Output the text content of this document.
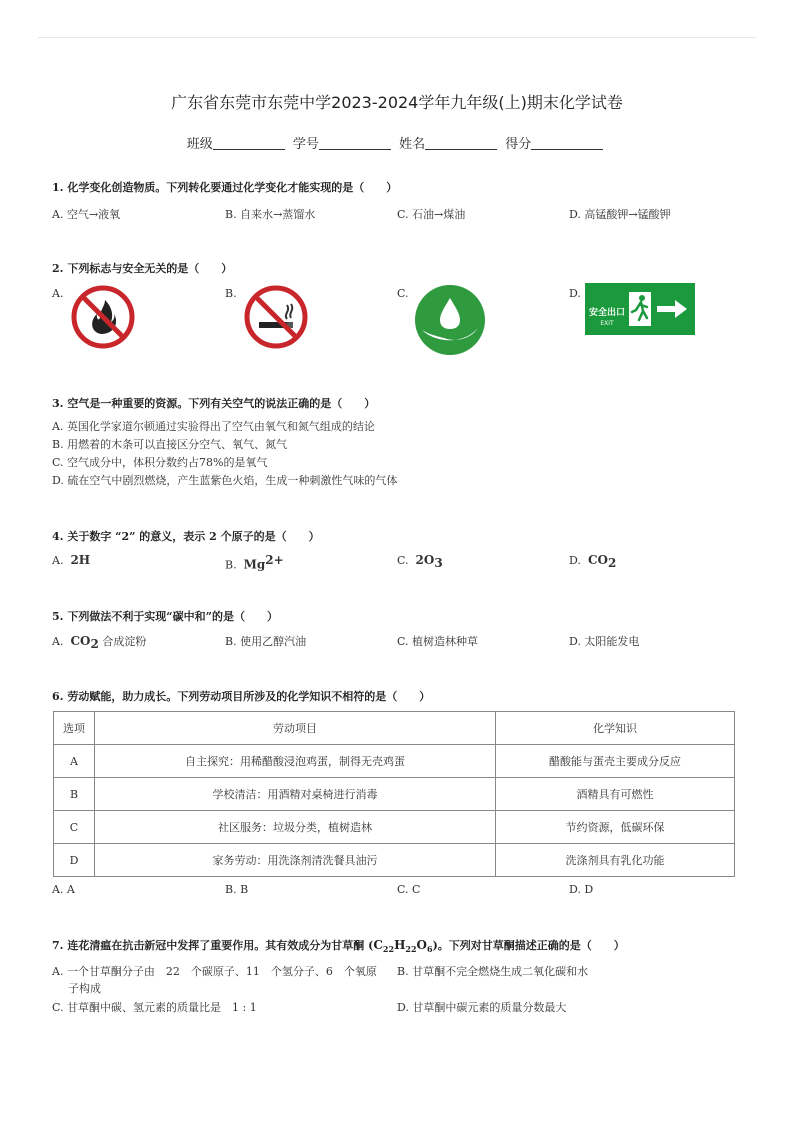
广东省东莞市东莞中学2023-2024学年九年级(上)期末化学试卷
班级	学号	姓名	得分
1. 化学变化创造物质。下列转化要通过化学变化才能实现的是（　　）
A. 空气→液氧	B. 自来水→蒸馏水	C. 石油→煤油	D. 高锰酸钾→锰酸钾
2. 下列标志与安全无关的是（　　）
A.	B.	C.	D.
安全出口
EXIT
3. 空气是一种重要的资源。下列有关空气的说法正确的是（　　）
A. 英国化学家道尔顿通过实验得出了空气由氧气和氮气组成的结论
B. 用燃着的木条可以直接区分空气、氧气、氮气
C. 空气成分中，体积分数约占78%的是氧气
D. 硫在空气中剧烈燃烧，产生蓝紫色火焰，生成一种刺激性气味的气体
4. 关于数字 “2” 的意义，表示 2 个原子的是（　　）
A. 2H	B. $Mg^{2+}$	C. $2O_3$	D. $CO_2$
5. 下列做法不利于实现“碳中和”的是（　　）
A. $CO_2$ 合成淀粉	B. 使用乙醇汽油	C. 植树造林种草	D. 太阳能发电
6. 劳动赋能，助力成长。下列劳动项目所涉及的化学知识不相符的是（　　）
选项	劳动项目	化学知识
A	自主探究：用稀醋酸浸泡鸡蛋，制得无壳鸡蛋	醋酸能与蛋壳主要成分反应
B	学校清洁：用酒精对桌椅进行消毒	酒精具有可燃性
C	社区服务：垃圾分类，植树造林	节约资源，低碳环保
D	家务劳动：用洗涤剂清洗餐具油污	洗涤剂具有乳化功能
A. A	B. B	C. C	D. D
7. 连花清瘟在抗击新冠中发挥了重要作用。其有效成分为甘草酮 $(C_{22}H_{22}O_6)$。下列对甘草酮描述正确的是（　　）
A. 一个甘草酮分子由　22　个碳原子、11　个氢分子、6　个氧原
子构成
B. 甘草酮不完全燃烧生成二氧化碳和水
C. 甘草酮中碳、氢元素的质量比是　1 : 1	D. 甘草酮中碳元素的质量分数最大
